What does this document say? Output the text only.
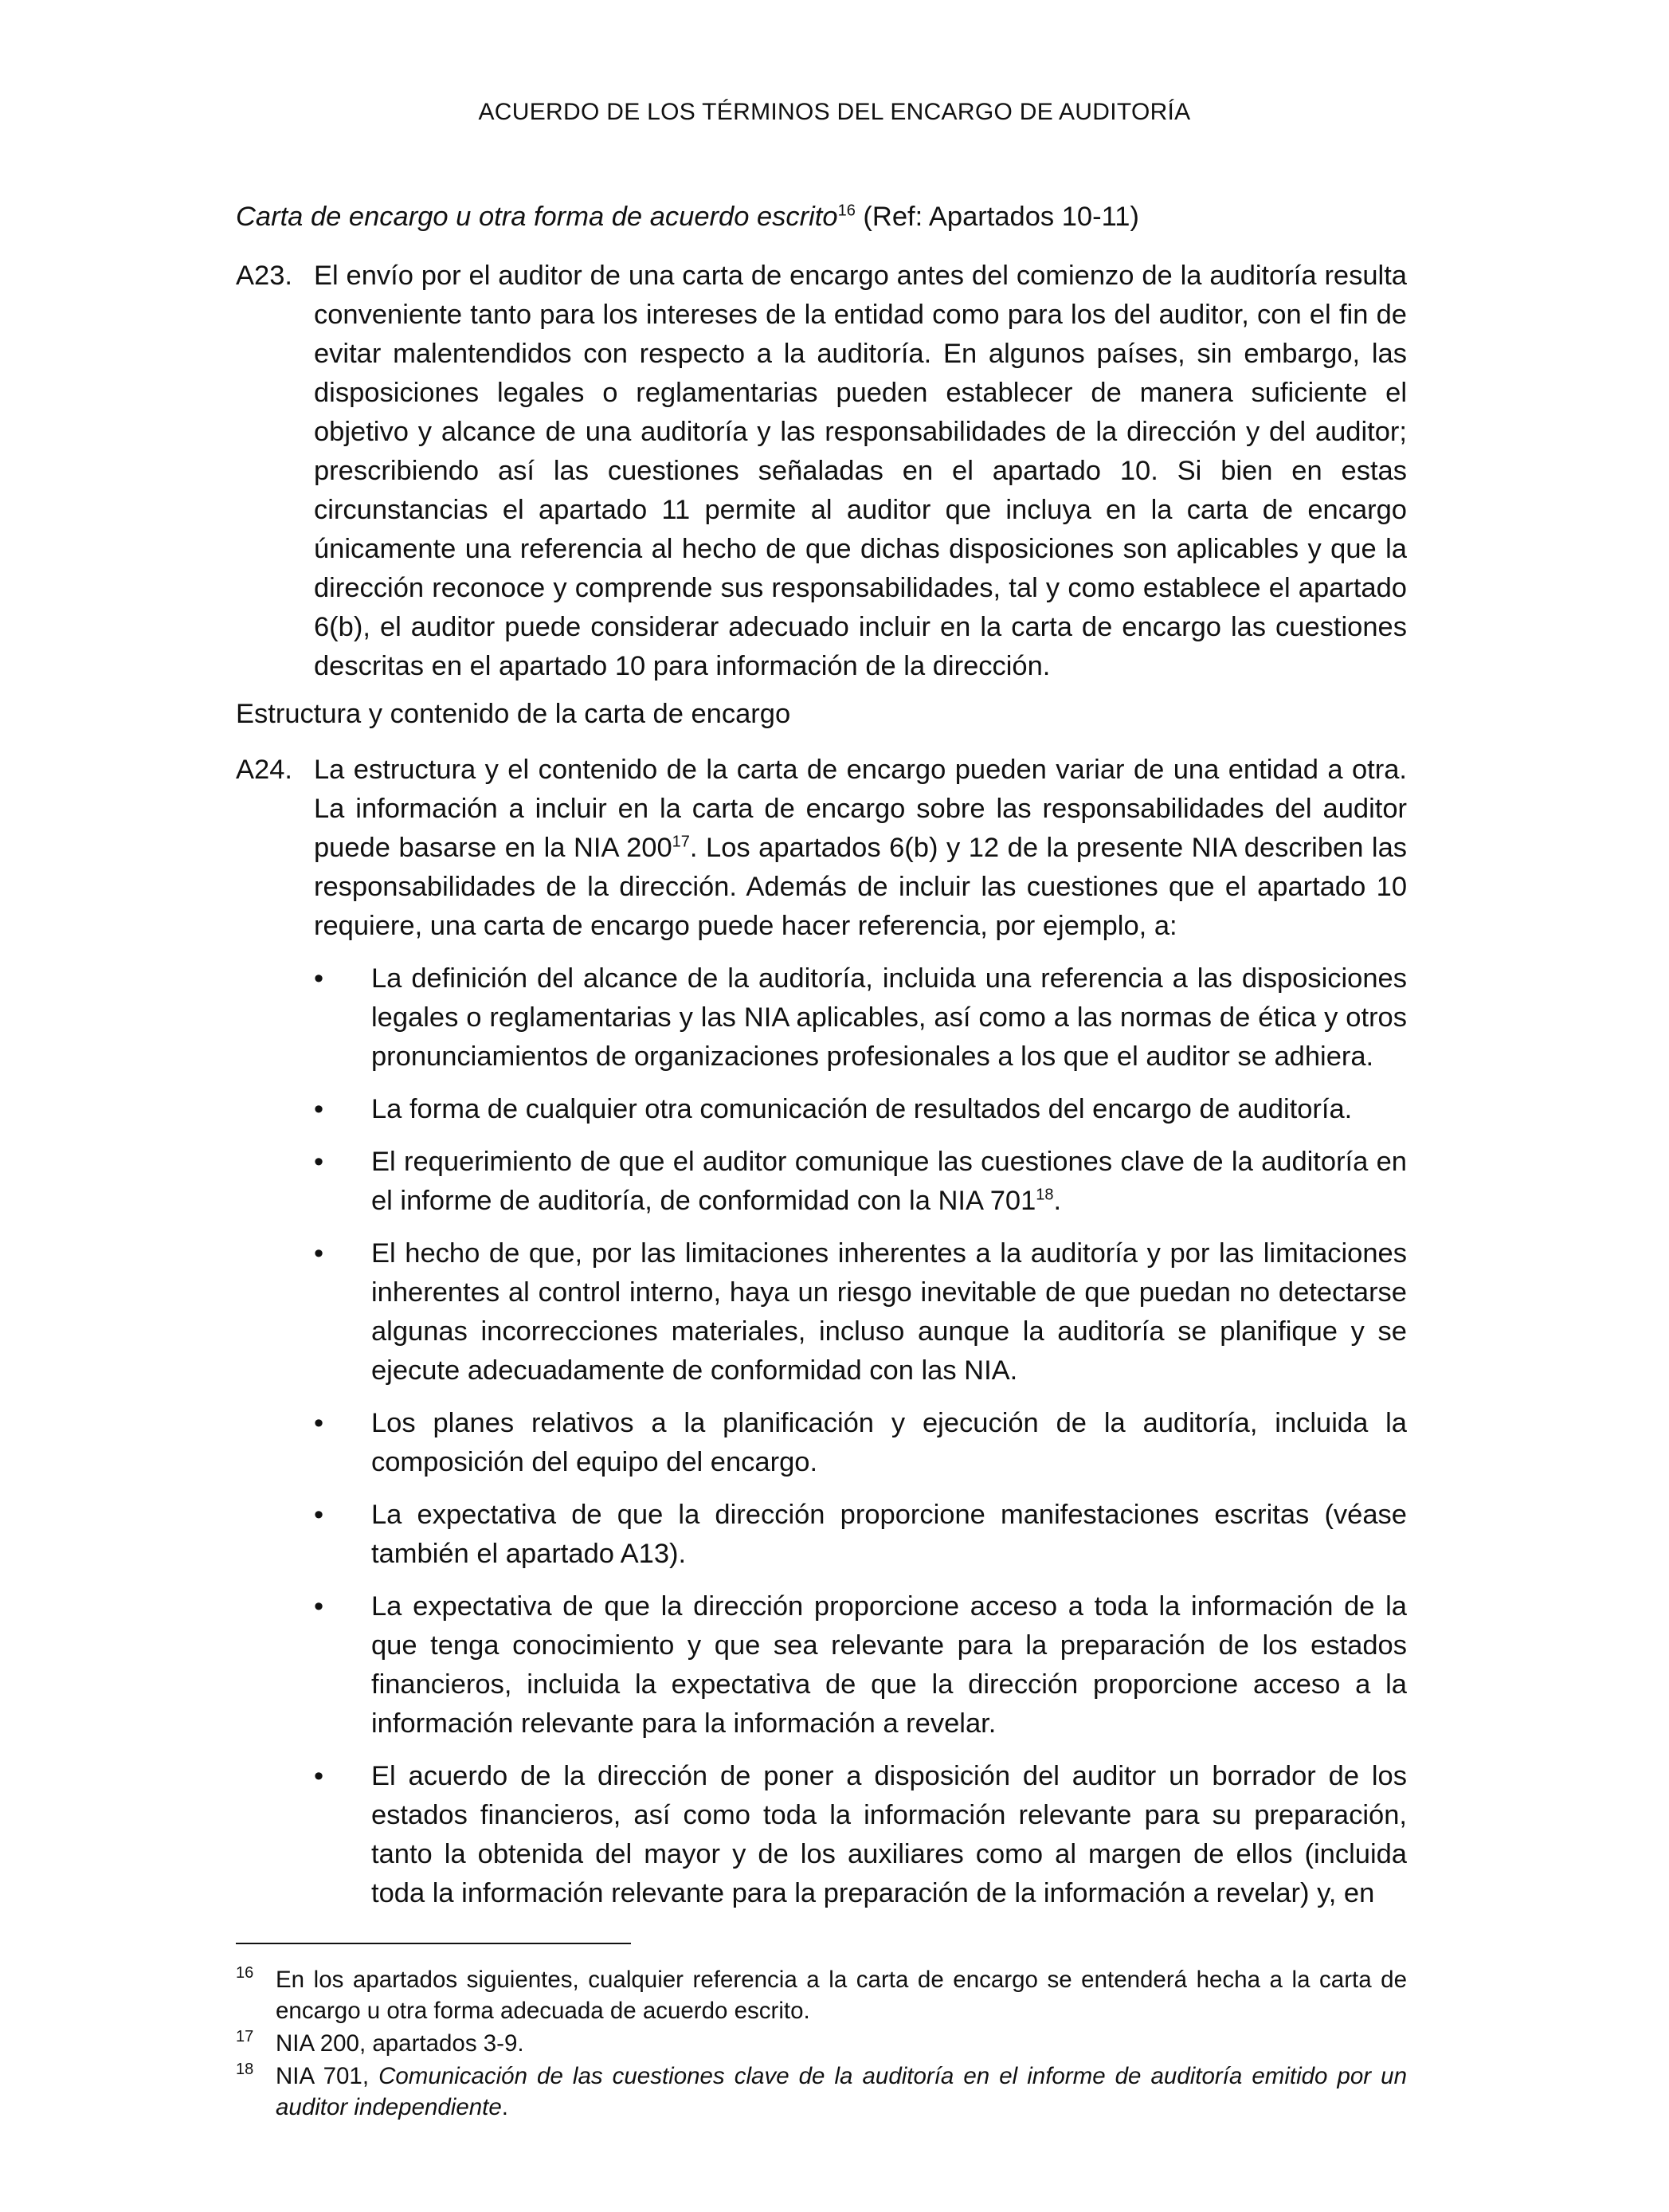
ACUERDO DE LOS TÉRMINOS DEL ENCARGO DE AUDITORÍA
Carta de encargo u otra forma de acuerdo escrito$^{16}$ (Ref: Apartados 10-11)
A23. El envío por el auditor de una carta de encargo antes del comienzo de la auditoría resulta conveniente tanto para los intereses de la entidad como para los del auditor, con el fin de evitar malentendidos con respecto a la auditoría. En algunos países, sin embargo, las disposiciones legales o reglamentarias pueden establecer de manera suficiente el objetivo y alcance de una auditoría y las responsabilidades de la dirección y del auditor; prescribiendo así las cuestiones señaladas en el apartado 10. Si bien en estas circunstancias el apartado 11 permite al auditor que incluya en la carta de encargo únicamente una referencia al hecho de que dichas disposiciones son aplicables y que la dirección reconoce y comprende sus responsabilidades, tal y como establece el apartado 6(b), el auditor puede considerar adecuado incluir en la carta de encargo las cuestiones descritas en el apartado 10 para información de la dirección.
Estructura y contenido de la carta de encargo
A24. La estructura y el contenido de la carta de encargo pueden variar de una entidad a otra. La información a incluir en la carta de encargo sobre las responsabilidades del auditor puede basarse en la NIA $200^{17}$. Los apartados 6(b) y 12 de la presente NIA describen las responsabilidades de la dirección. Además de incluir las cuestiones que el apartado 10 requiere, una carta de encargo puede hacer referencia, por ejemplo, a:
•	La definición del alcance de la auditoría, incluida una referencia a las disposiciones legales o reglamentarias y las NIA aplicables, así como a las normas de ética y otros pronunciamientos de organizaciones profesionales a los que el auditor se adhiera.
•	La forma de cualquier otra comunicación de resultados del encargo de auditoría.
•	El requerimiento de que el auditor comunique las cuestiones clave de la auditoría en el informe de auditoría, de conformidad con la NIA $701^{18}$.
•	El hecho de que, por las limitaciones inherentes a la auditoría y por las limitaciones inherentes al control interno, haya un riesgo inevitable de que puedan no detectarse algunas incorrecciones materiales, incluso aunque la auditoría se planifique y se ejecute adecuadamente de conformidad con las NIA.
•	Los planes relativos a la planificación y ejecución de la auditoría, incluida la composición del equipo del encargo.
•	La expectativa de que la dirección proporcione manifestaciones escritas (véase también el apartado A13).
•	La expectativa de que la dirección proporcione acceso a toda la información de la que tenga conocimiento y que sea relevante para la preparación de los estados financieros, incluida la expectativa de que la dirección proporcione acceso a la información relevante para la información a revelar.
•	El acuerdo de la dirección de poner a disposición del auditor un borrador de los estados financieros, así como toda la información relevante para su preparación, tanto la obtenida del mayor y de los auxiliares como al margen de ellos (incluida toda la información relevante para la preparación de la información a revelar) y, en
16 En los apartados siguientes, cualquier referencia a la carta de encargo se entenderá hecha a la carta de encargo u otra forma adecuada de acuerdo escrito.
17 NIA 200, apartados 3-9.
18 NIA 701, Comunicación de las cuestiones clave de la auditoría en el informe de auditoría emitido por un auditor independiente.
